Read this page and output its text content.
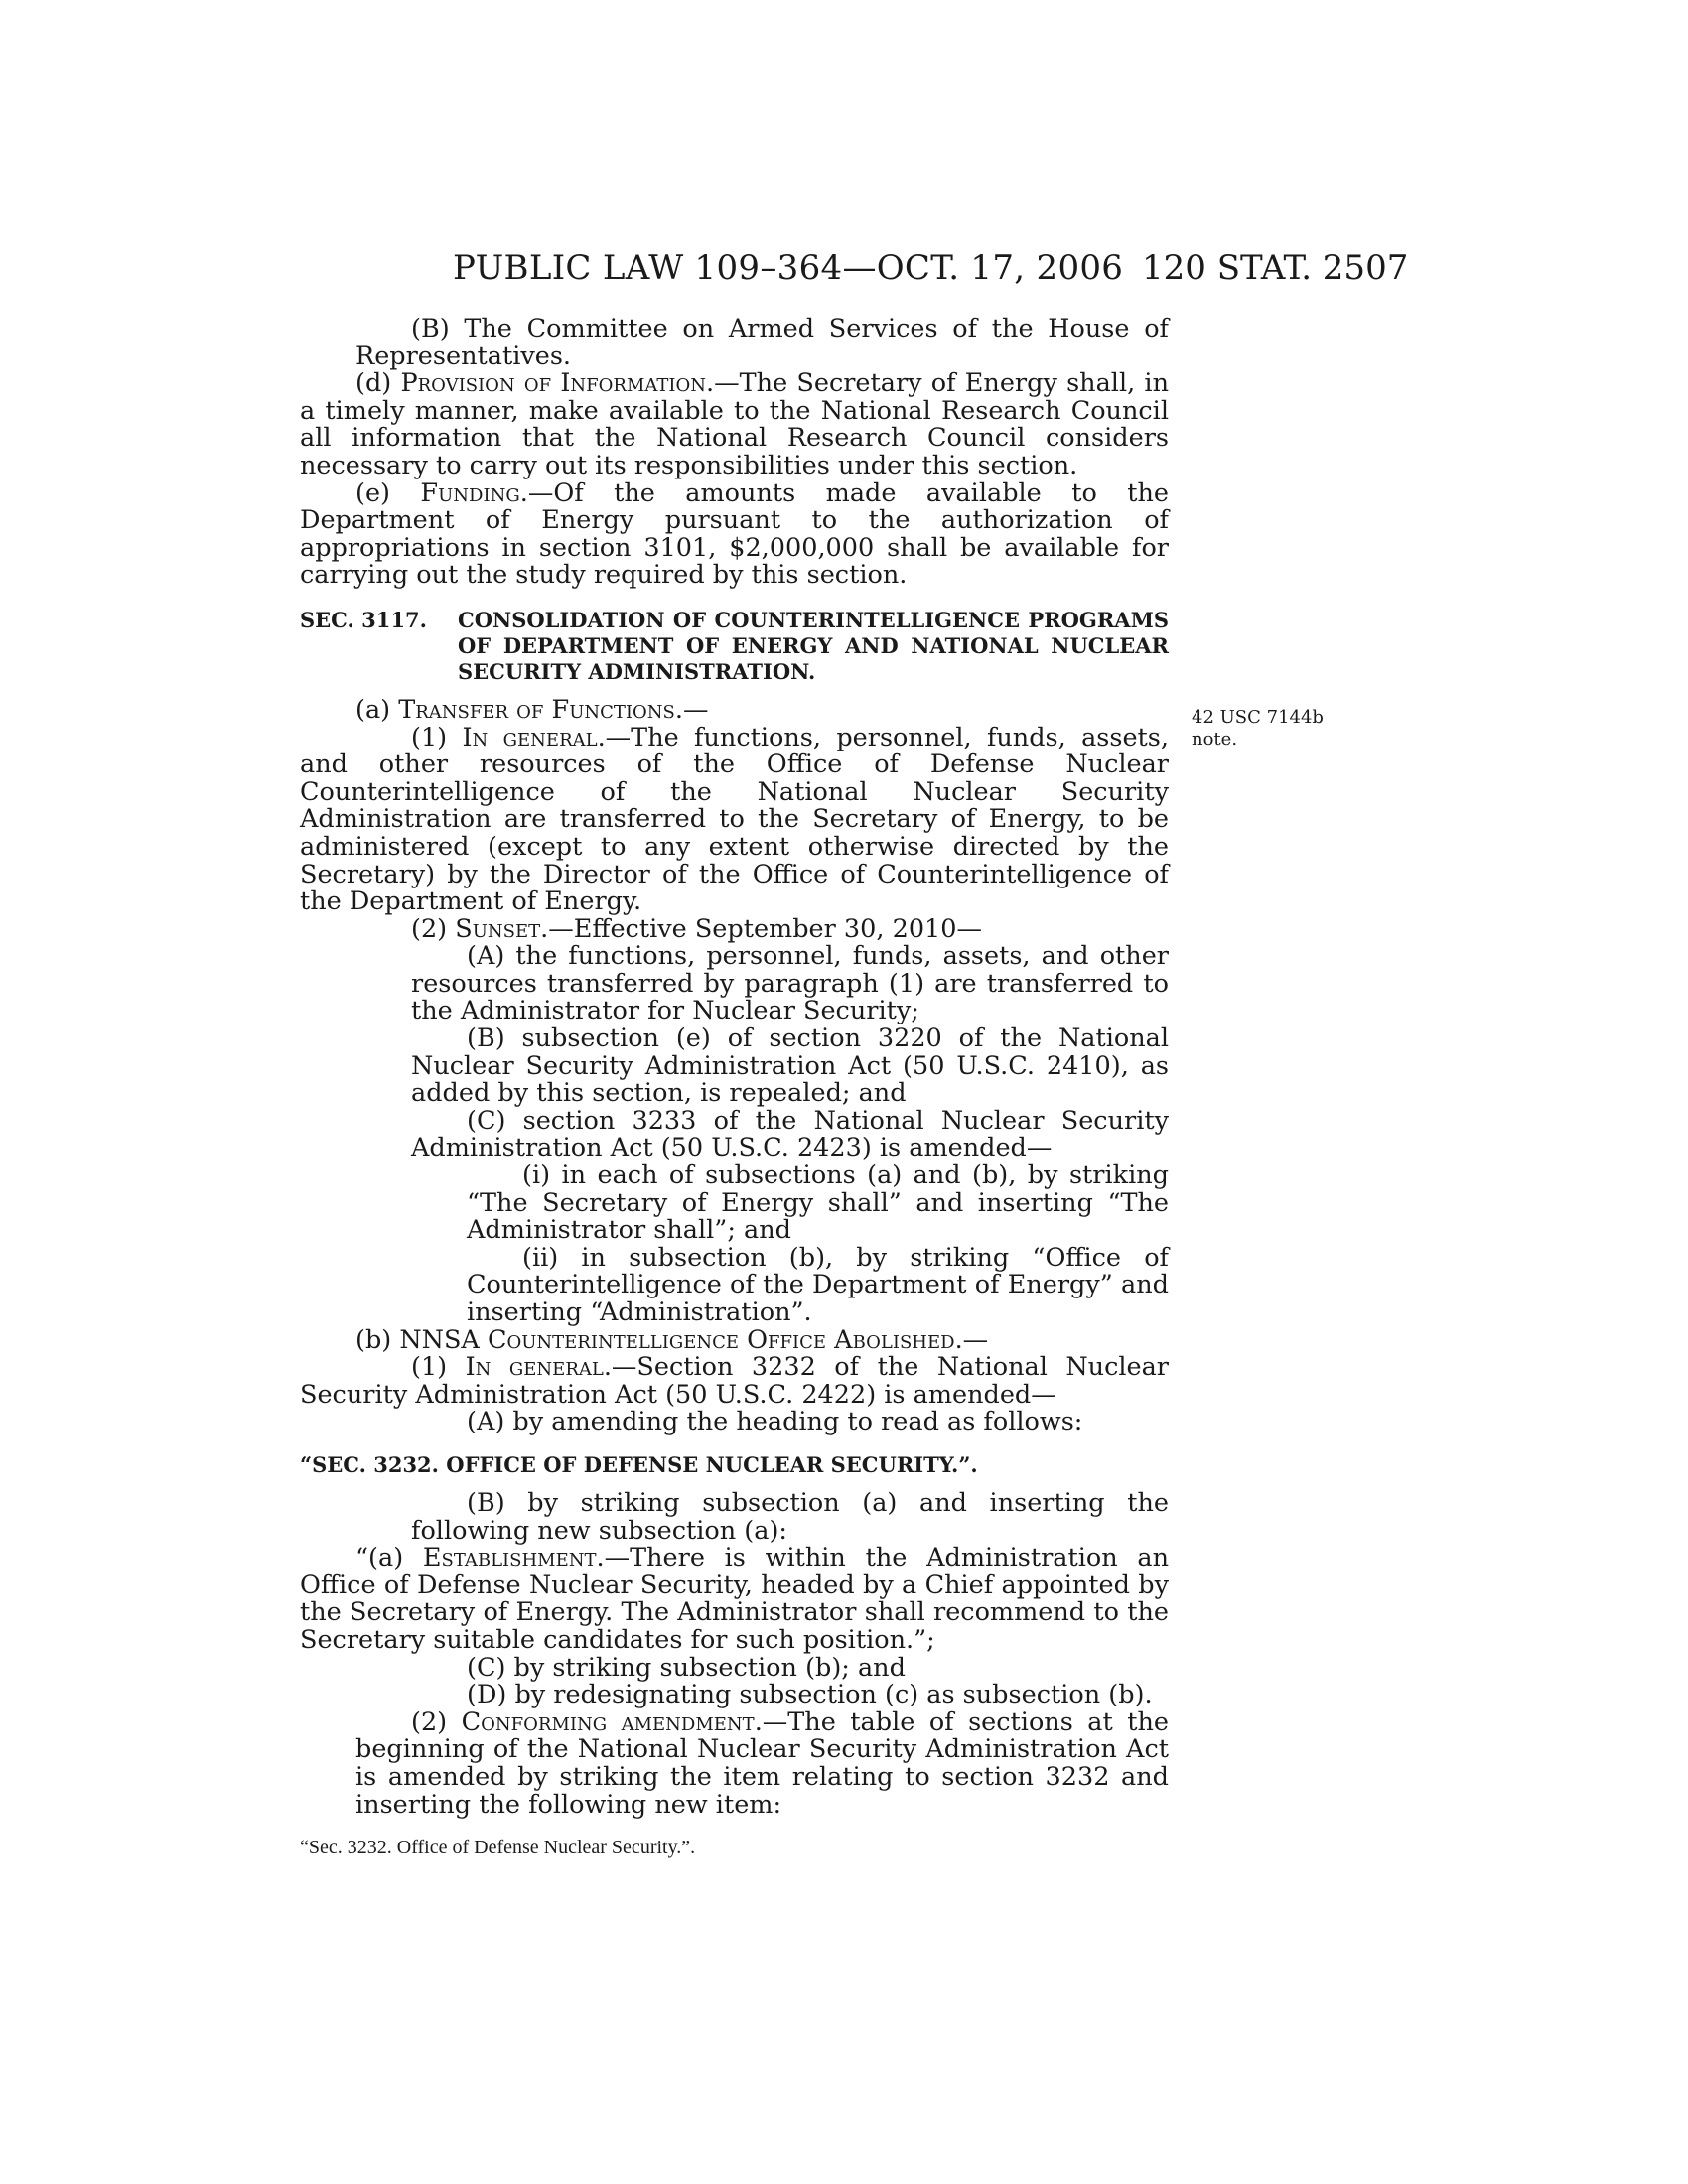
PUBLIC LAW 109–364—OCT. 17, 2006 120 STAT. 2507
42 USC 7144b
note.

(B) The Committee on Armed Services of the House of Representatives.

(d) Provision of Information.—The Secretary of Energy shall, in a timely manner, make available to the National Research Council all information that the National Research Council considers necessary to carry out its responsibilities under this section.

(e) Funding.—Of the amounts made available to the Department of Energy pursuant to the authorization of appropriations in section 3101, $2,000,000 shall be available for carrying out the study required by this section.

SEC. 3117.	CONSOLIDATION OF COUNTERINTELLIGENCE PROGRAMS OF DEPARTMENT OF ENERGY AND NATIONAL NUCLEAR SECURITY ADMINISTRATION.

(a) Transfer of Functions.—

(1) In general.—The functions, personnel, funds, assets, and other resources of the Office of Defense Nuclear Counterintelligence of the National Nuclear Security Administration are transferred to the Secretary of Energy, to be administered (except to any extent otherwise directed by the Secretary) by the Director of the Office of Counterintelligence of the Department of Energy.

(2) Sunset.—Effective September 30, 2010—

(A) the functions, personnel, funds, assets, and other resources transferred by paragraph (1) are transferred to the Administrator for Nuclear Security;

(B) subsection (e) of section 3220 of the National Nuclear Security Administration Act (50 U.S.C. 2410), as added by this section, is repealed; and

(C) section 3233 of the National Nuclear Security Administration Act (50 U.S.C. 2423) is amended—

(i) in each of subsections (a) and (b), by striking “The Secretary of Energy shall” and inserting “The Administrator shall”; and

(ii) in subsection (b), by striking “Office of Counterintelligence of the Department of Energy” and inserting “Administration”.

(b) NNSA Counterintelligence Office Abolished.—

(1) In general.—Section 3232 of the National Nuclear Security Administration Act (50 U.S.C. 2422) is amended—

(A) by amending the heading to read as follows:

“SEC. 3232. OFFICE OF DEFENSE NUCLEAR SECURITY.”.

(B) by striking subsection (a) and inserting the following new subsection (a):

“(a) Establishment.—There is within the Administration an Office of Defense Nuclear Security, headed by a Chief appointed by the Secretary of Energy. The Administrator shall recommend to the Secretary suitable candidates for such position.”;

(C) by striking subsection (b); and

(D) by redesignating subsection (c) as subsection (b).

(2) Conforming amendment.—The table of sections at the beginning of the National Nuclear Security Administration Act is amended by striking the item relating to section 3232 and inserting the following new item:

“Sec. 3232. Office of Defense Nuclear Security.”.
